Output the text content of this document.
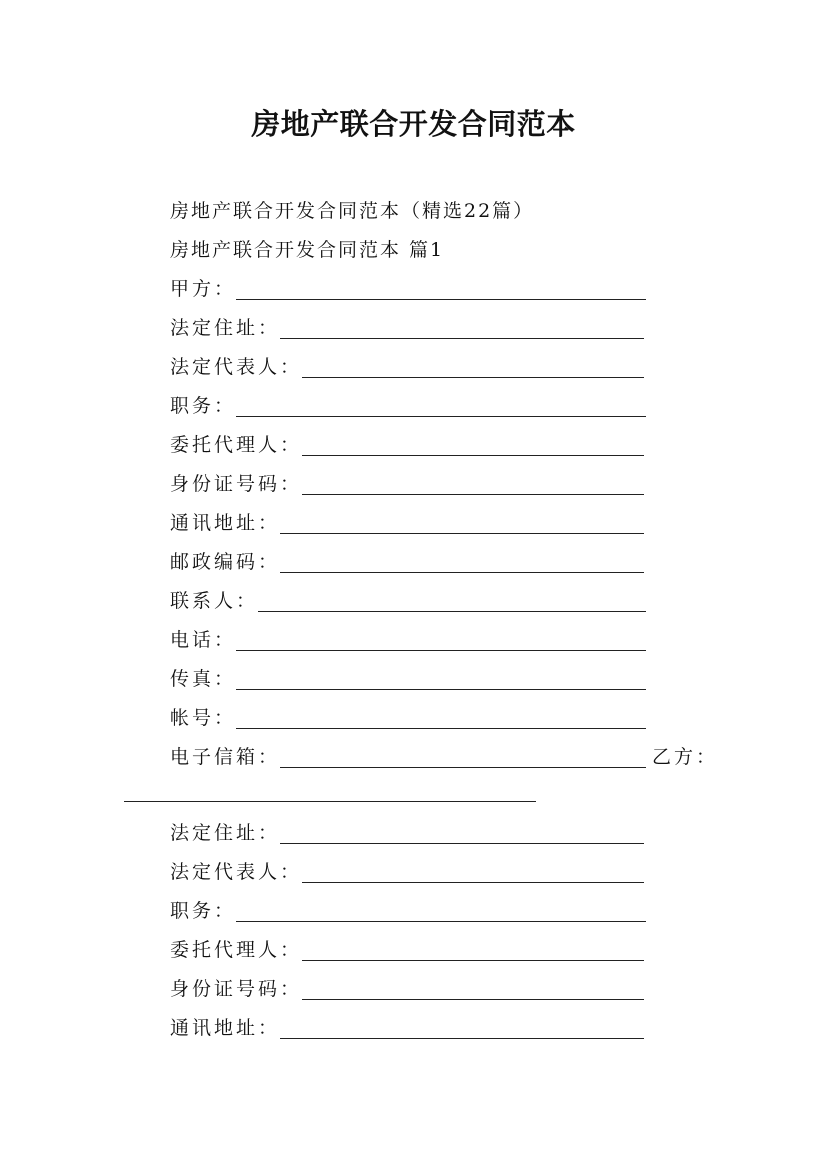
房地产联合开发合同范本
房地产联合开发合同范本（精选22篇）
房地产联合开发合同范本 篇1
甲方：
法定住址：
法定代表人：
职务：
委托代理人：
身份证号码：
通讯地址：
邮政编码：
联系人：
电话：
传真：
帐号：
电子信箱：	乙方：
法定住址：
法定代表人：
职务：
委托代理人：
身份证号码：
通讯地址：
